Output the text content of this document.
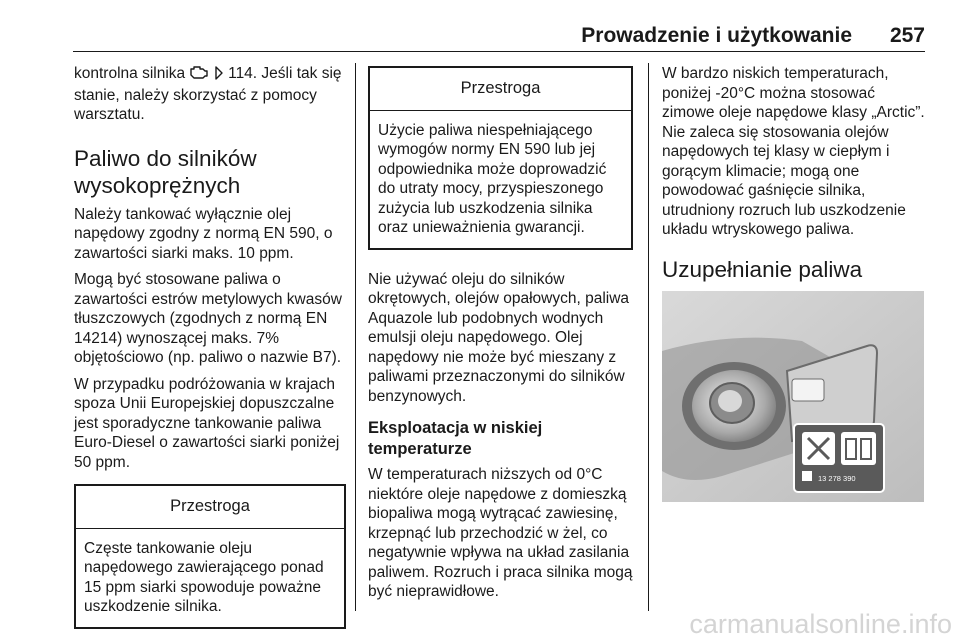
Prowadzenie i użytkowanie 257

kontrolna silnika	114. Jeśli tak się stanie, należy skorzystać z pomocy warsztatu.

Paliwo do silników wysokoprężnych

Należy tankować wyłącznie olej napędowy zgodny z normą EN 590, o zawartości siarki maks. 10 ppm.

Mogą być stosowane paliwa o zawartości estrów metylowych kwasów tłuszczowych (zgodnych z normą EN 14214) wynoszącej maks. 7% objętościowo (np. paliwo o nazwie B7).

W przypadku podróżowania w krajach spoza Unii Europejskiej dopuszczalne jest sporadyczne tankowanie paliwa Euro-Diesel o zawartości siarki poniżej 50 ppm.

Przestroga
Częste tankowanie oleju napędowego zawierającego ponad 15 ppm siarki spowoduje poważne uszkodzenie silnika.
Przestroga
Użycie paliwa niespełniającego wymogów normy EN 590 lub jej odpowiednika może doprowadzić do utraty mocy, przyspieszonego zużycia lub uszkodzenia silnika oraz unieważnienia gwarancji.

Nie używać oleju do silników okrętowych, olejów opałowych, paliwa Aquazole lub podobnych wodnych emulsji oleju napędowego. Olej napędowy nie może być mieszany z paliwami przeznaczonymi do silników benzynowych.

Eksploatacja w niskiej temperaturze

W temperaturach niższych od 0°C niektóre oleje napędowe z domieszką biopaliwa mogą wytrącać zawiesinę, krzepnąć lub przechodzić w żel, co negatywnie wpływa na układ zasilania paliwem. Rozruch i praca silnika mogą być nieprawidłowe.

W bardzo niskich temperaturach, poniżej -20°C można stosować zimowe oleje napędowe klasy „Arctic”. Nie zaleca się stosowania olejów napędowych tej klasy w ciepłym i gorącym klimacie; mogą one powodować gaśnięcie silnika, utrudniony rozruch lub uszkodzenie układu wtryskowego paliwa.

Uzupełnianie paliwa
13 278 390
carmanualsonline.info
